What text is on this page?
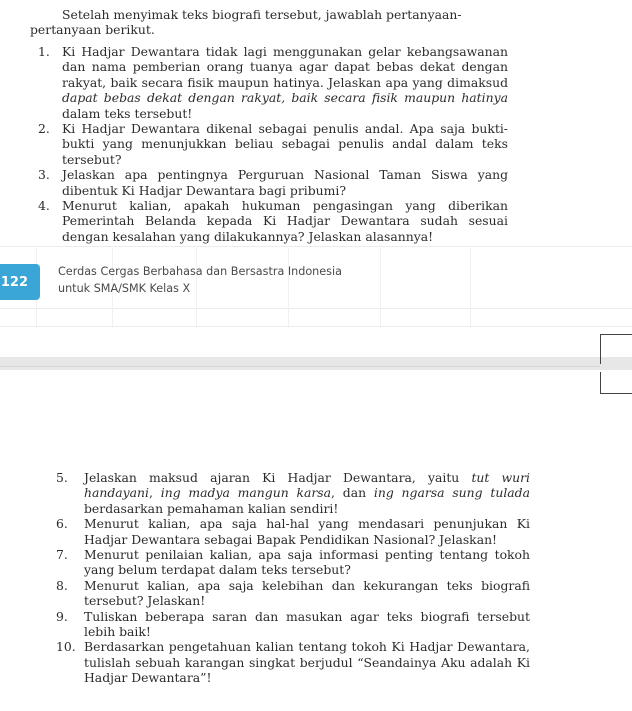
Setelah menyimak teks biografi tersebut, jawablah pertanyaan-
pertanyaan berikut.
1. Ki Hadjar Dewantara tidak lagi menggunakan gelar kebangsawanan dan nama pemberian orang tuanya agar dapat bebas dekat dengan rakyat, baik secara fisik maupun hatinya. Jelaskan apa yang dimaksud dapat bebas dekat dengan rakyat, baik secara fisik maupun hatinya dalam teks tersebut!
2. Ki Hadjar Dewantara dikenal sebagai penulis andal. Apa saja bukti-bukti yang menunjukkan beliau sebagai penulis andal dalam teks tersebut?
3. Jelaskan apa pentingnya Perguruan Nasional Taman Siswa yang dibentuk Ki Hadjar Dewantara bagi pribumi?
4. Menurut kalian, apakah hukuman pengasingan yang diberikan Pemerintah Belanda kepada Ki Hadjar Dewantara sudah sesuai dengan kesalahan yang dilakukannya? Jelaskan alasannya!
122
Cerdas Cergas Berbahasa dan Bersastra Indonesia
untuk SMA/SMK Kelas X
5. Jelaskan maksud ajaran Ki Hadjar Dewantara, yaitu tut wuri handayani, ing madya mangun karsa, dan ing ngarsa sung tulada berdasarkan pemahaman kalian sendiri!
6. Menurut kalian, apa saja hal-hal yang mendasari penunjukan Ki Hadjar Dewantara sebagai Bapak Pendidikan Nasional? Jelaskan!
7. Menurut penilaian kalian, apa saja informasi penting tentang tokoh yang belum terdapat dalam teks tersebut?
8. Menurut kalian, apa saja kelebihan dan kekurangan teks biografi tersebut? Jelaskan!
9. Tuliskan beberapa saran dan masukan agar teks biografi tersebut lebih baik!
10. Berdasarkan pengetahuan kalian tentang tokoh Ki Hadjar Dewantara, tulislah sebuah karangan singkat berjudul “Seandainya Aku adalah Ki Hadjar Dewantara”!
